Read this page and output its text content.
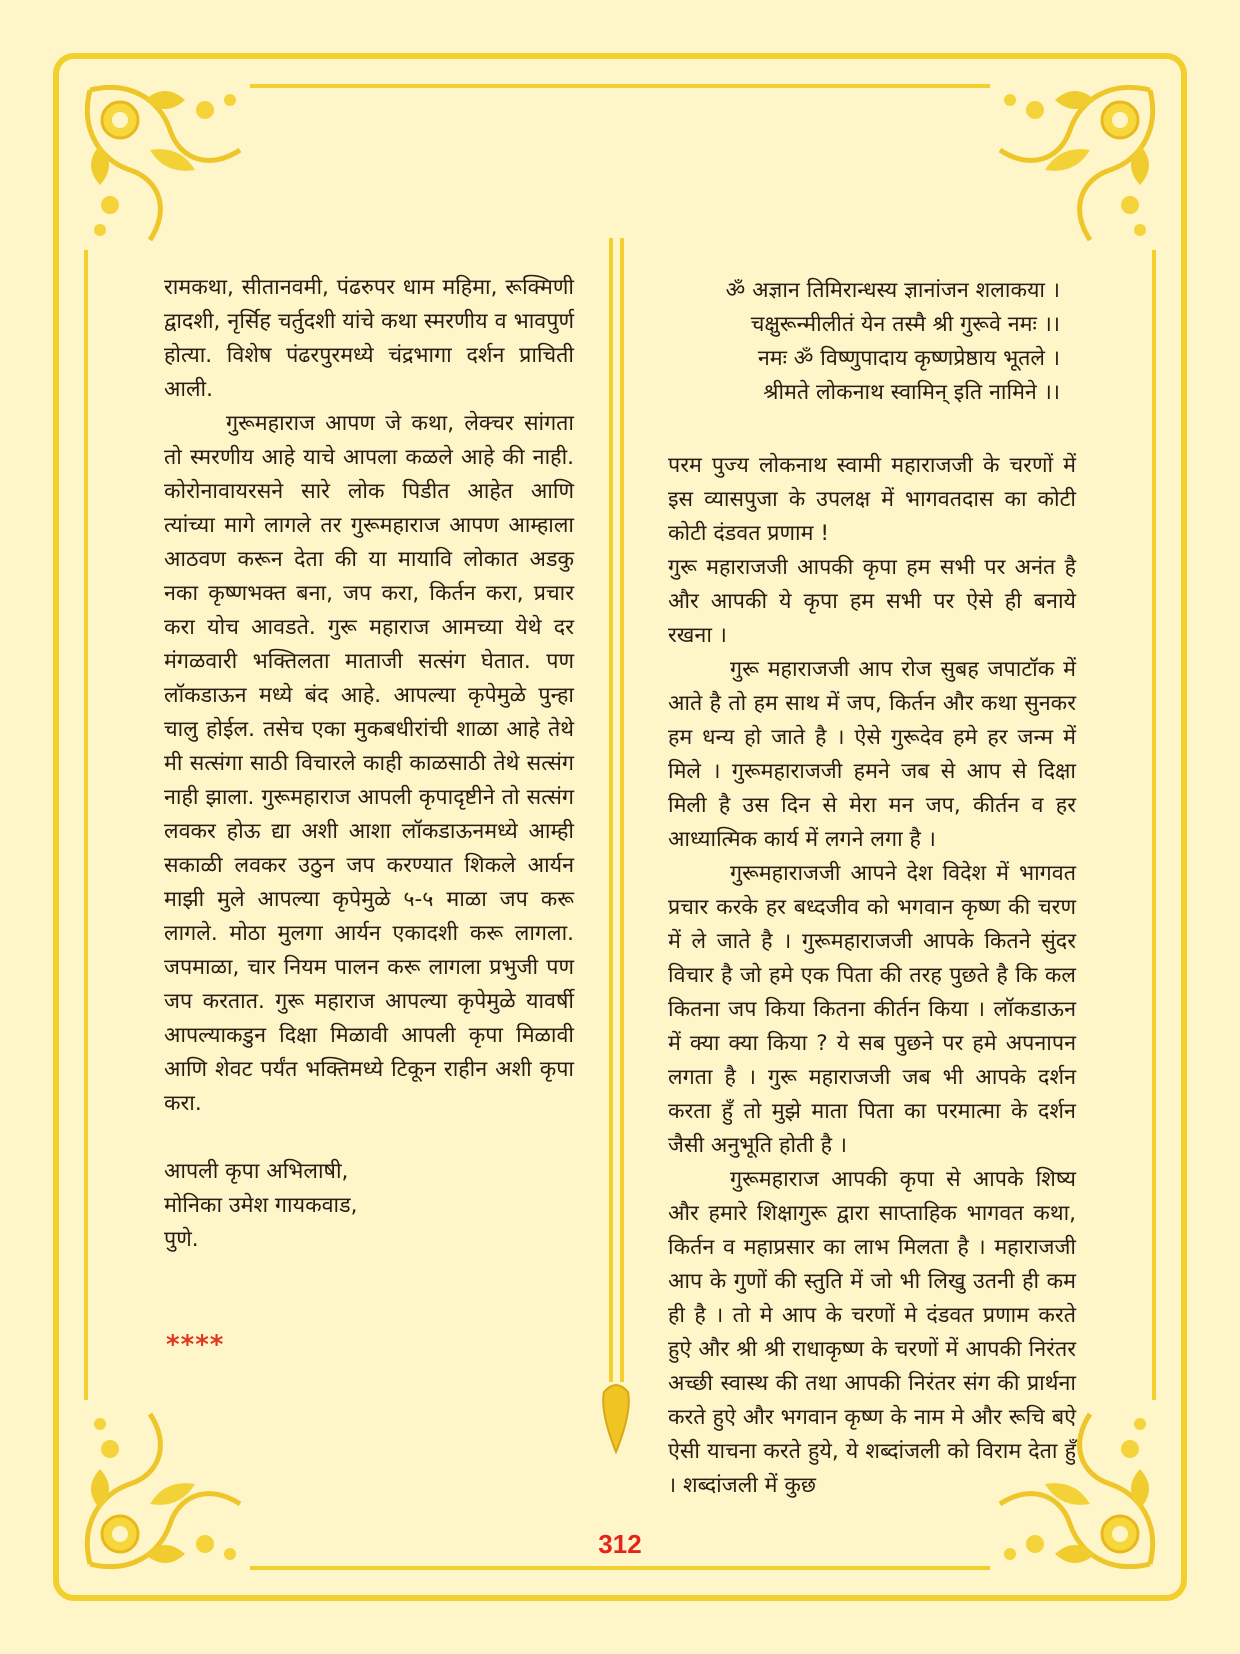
रामकथा, सीतानवमी, पंढरुपर धाम महिमा, रूक्मिणी द्वादशी, नृर्सिह चर्तुदशी यांचे कथा स्मरणीय व भावपुर्ण होत्या. विशेष पंढरपुरमध्ये चंद्रभागा दर्शन प्राचिती आली.

गुरूमहाराज आपण जे कथा, लेक्चर सांगता तो स्मरणीय आहे याचे आपला कळले आहे की नाही. कोरोनावायरसने सारे लोक पिडीत आहेत आणि त्यांच्या मागे लागले तर गुरूमहाराज आपण आम्हाला आठवण करून देता की या मायावि लोकात अडकु नका कृष्णभक्त बना, जप करा, किर्तन करा, प्रचार करा योच आवडते. गुरू महाराज आमच्या येथे दर मंगळवारी भक्तिलता माताजी सत्संग घेतात. पण लॉकडाऊन मध्ये बंद आहे. आपल्या कृपेमुळे पुन्हा चालु होईल. तसेच एका मुकबधीरांची शाळा आहे तेथे मी सत्संगा साठी विचारले काही काळसाठी तेथे सत्संग नाही झाला. गुरूमहाराज आपली कृपादृष्टीने तो सत्संग लवकर होऊ द्या अशी आशा लॉकडाऊनमध्ये आम्ही सकाळी लवकर उठुन जप करण्यात शिकले आर्यन माझी मुले आपल्या कृपेमुळे ५-५ माळा जप करू लागले. मोठा मुलगा आर्यन एकादशी करू लागला. जपमाळा, चार नियम पालन करू लागला प्रभुजी पण जप करतात. गुरू महाराज आपल्या कृपेमुळे यावर्षी आपल्याकडुन दिक्षा मिळावी आपली कृपा मिळावी आणि शेवट पर्यंत भक्तिमध्ये टिकून राहीन अशी कृपा करा.

आपली कृपा अभिलाषी,

मोनिका उमेश गायकवाड,

पुणे.

****
ॐ अज्ञान तिमिरान्धस्य ज्ञानांजन शलाकया ।
चक्षुरून्मीलीतं येन तस्मै श्री गुरूवे नमः ।।
नमः ॐ विष्णुपादाय कृष्णप्रेष्ठाय भूतले ।
श्रीमते लोकनाथ स्वामिन् इति नामिने ।।

परम पुज्य लोकनाथ स्वामी महाराजजी के चरणों में इस व्यासपुजा के उपलक्ष में भागवतदास का कोटी कोटी दंडवत प्रणाम !

गुरू महाराजजी आपकी कृपा हम सभी पर अनंत है और आपकी ये कृपा हम सभी पर ऐसे ही बनाये रखना ।

गुरू महाराजजी आप रोज सुबह जपाटॉक में आते है तो हम साथ में जप, किर्तन और कथा सुनकर हम धन्य हो जाते है । ऐसे गुरूदेव हमे हर जन्म में मिले । गुरूमहाराजजी हमने जब से आप से दिक्षा मिली है उस दिन से मेरा मन जप, कीर्तन व हर आध्यात्मिक कार्य में लगने लगा है ।

गुरूमहाराजजी आपने देश विदेश में भागवत प्रचार करके हर बध्दजीव को भगवान कृष्ण की चरण में ले जाते है । गुरूमहाराजजी आपके कितने सुंदर विचार है जो हमे एक पिता की तरह पुछते है कि कल कितना जप किया कितना कीर्तन किया । लॉकडाऊन में क्या क्या किया ? ये सब पुछने पर हमे अपनापन लगता है । गुरू महाराजजी जब भी आपके दर्शन करता हुँ तो मुझे माता पिता का परमात्मा के दर्शन जैसी अनुभूति होती है ।

गुरूमहाराज आपकी कृपा से आपके शिष्य और हमारे शिक्षागुरू द्वारा साप्ताहिक भागवत कथा, किर्तन व महाप्रसार का लाभ मिलता है । महाराजजी आप के गुणों की स्तुति में जो भी लिखु उतनी ही कम ही है । तो मे आप के चरणों मे दंडवत प्रणाम करते हुऐ और श्री श्री राधाकृष्ण के चरणों में आपकी निरंतर अच्छी स्वास्थ की तथा आपकी निरंतर संग की प्रार्थना करते हुऐ और भगवान कृष्ण के नाम मे और रूचि बऐ ऐसी याचना करते हुये, ये शब्दांजली को विराम देता हुँ । शब्दांजली में कुछ

312
